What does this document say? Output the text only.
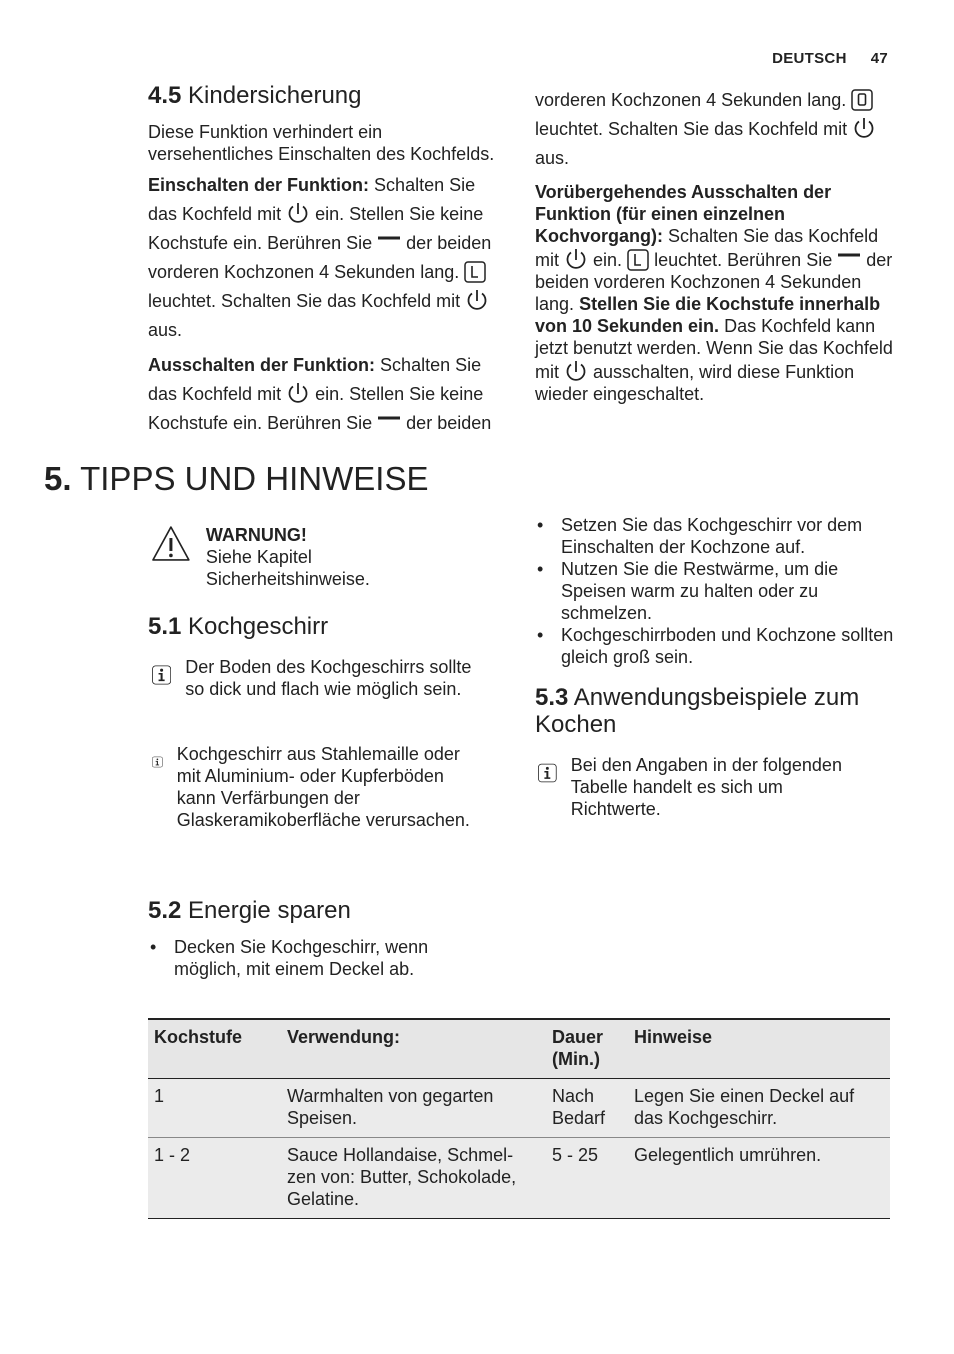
DEUTSCH 47
4.5 Kindersicherung

Diese Funktion verhindert ein versehentliches Einschalten des Kochfelds.

Einschalten der Funktion: Schalten Sie das Kochfeld mit ein. Stellen Sie keine Kochstufe ein. Berühren Sie der beiden vorderen Kochzonen 4 Sekunden lang.  leuchtet. Schalten Sie das Kochfeld mit  aus.

Ausschalten der Funktion: Schalten Sie das Kochfeld mit ein. Stellen Sie keine Kochstufe ein. Berühren Sie der beiden

vorderen Kochzonen 4 Sekunden lang.  leuchtet. Schalten Sie das Kochfeld mit  aus.

Vorübergehendes Ausschalten der Funktion (für einen einzelnen Kochvorgang): Schalten Sie das Kochfeld mit ein. leuchtet. Berühren Sie der beiden vorderen Kochzonen 4 Sekunden lang. Stellen Sie die Kochstufe innerhalb von 10 Sekunden ein. Das Kochfeld kann jetzt benutzt werden. Wenn Sie das Kochfeld mit ausschalten, wird diese Funktion wieder eingeschaltet.

5. TIPPS UND HINWEISE
WARNUNG!
Siehe Kapitel Sicherheitshinweise.
5.1 Kochgeschirr

Der Boden des Kochgeschirrs sollte so dick und flach wie möglich sein.

Kochgeschirr aus Stahlemaille oder mit Aluminium- oder Kupferböden kann Verfärbungen der Glaskeramikoberfläche verursachen.

5.2 Energie sparen
• Decken Sie Kochgeschirr, wenn möglich, mit einem Deckel ab.
• Setzen Sie das Kochgeschirr vor dem Einschalten der Kochzone auf.
• Nutzen Sie die Restwärme, um die Speisen warm zu halten oder zu schmelzen.
• Kochgeschirrboden und Kochzone sollten gleich groß sein.
5.3 Anwendungsbeispiele zum Kochen

Bei den Angaben in der folgenden Tabelle handelt es sich um Richtwerte.

Kochstufe	Verwendung:	Dauer (Min.)	Hinweise
1	Warmhalten von gegarten Speisen.	Nach Bedarf	Legen Sie einen Deckel auf das Kochgeschirr.
1 - 2	Sauce Hollandaise, Schmel-zen von: Butter, Schokolade, Gelatine.	5 - 25	Gelegentlich umrühren.
